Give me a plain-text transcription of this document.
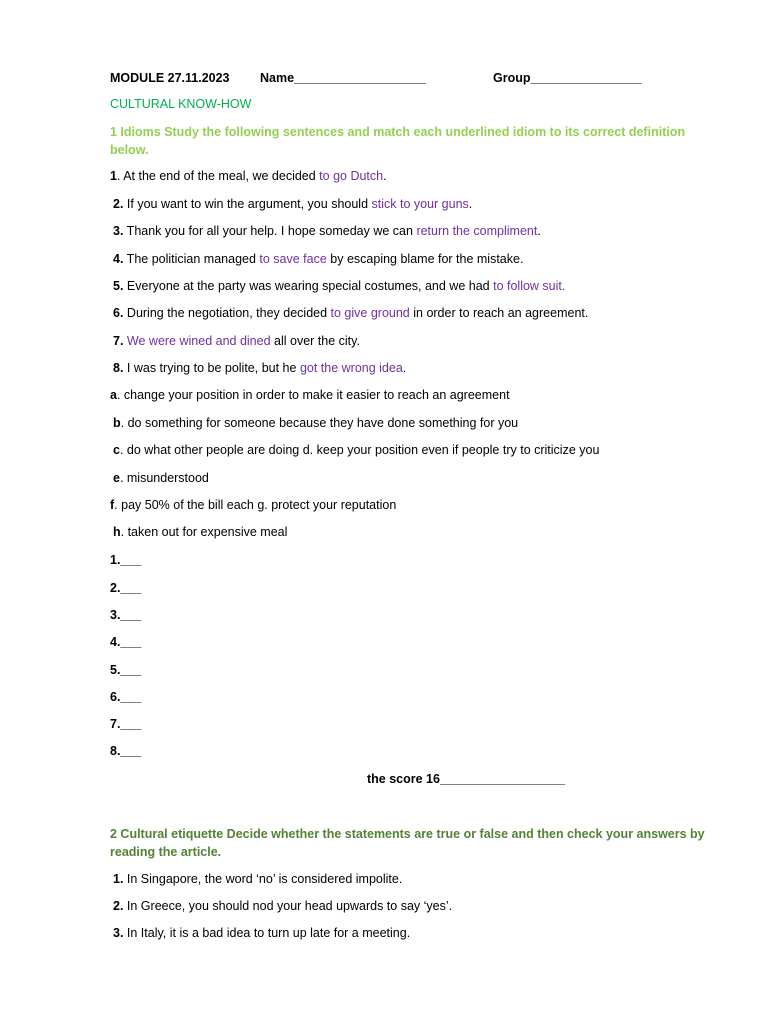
MODULE 27.11.2023 Name___________________	Group________________
CULTURAL KNOW-HOW
1 Idioms Study the following sentences and match each underlined idiom to its correct definition below.
1. At the end of the meal, we decided to go Dutch.
2. If you want to win the argument, you should stick to your guns.
3. Thank you for all your help. I hope someday we can return the compliment.
4. The politician managed to save face by escaping blame for the mistake.
5. Everyone at the party was wearing special costumes, and we had to follow suit.
6. During the negotiation, they decided to give ground in order to reach an agreement.
7. We were wined and dined all over the city.
8. I was trying to be polite, but he got the wrong idea.
a. change your position in order to make it easier to reach an agreement
b. do something for someone because they have done something for you
c. do what other people are doing d. keep your position even if people try to criticize you
e. misunderstood
f. pay 50% of the bill each g. protect your reputation
h. taken out for expensive meal
1.___
2.___
3.___
4.___
5.___
6.___
7.___
8.___
the score 16__________________
2 Cultural etiquette Decide whether the statements are true or false and then check your answers by reading the article.
1. In Singapore, the word ‘no’ is considered impolite.
2. In Greece, you should nod your head upwards to say ‘yes’.
3. In Italy, it is a bad idea to turn up late for a meeting.
